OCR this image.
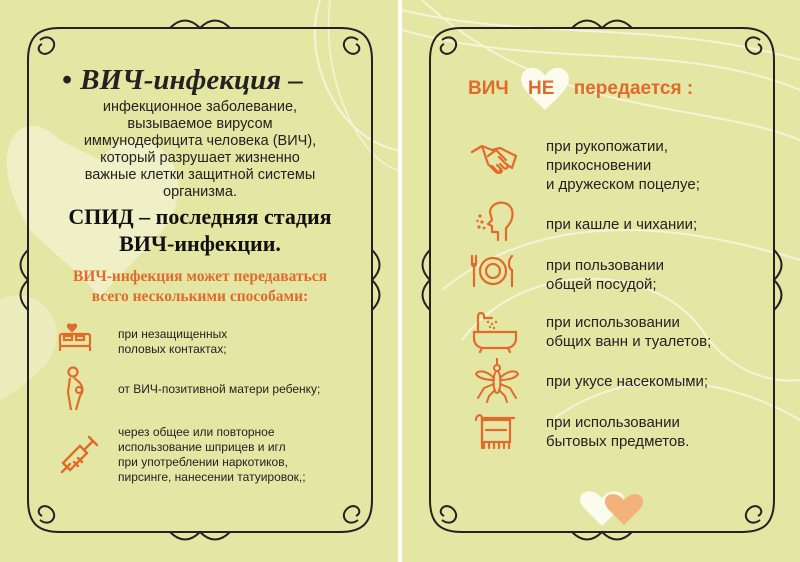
• ВИЧ-инфекция –
инфекционное заболевание,
вызываемое вирусом
иммунодефицита человека (ВИЧ),
который разрушает жизненно
важные клетки защитной системы
организма.
СПИД – последняя стадия
ВИЧ-инфекции.
ВИЧ-инфекция может передаваться
всего несколькими способами:
при незащищенных
половых контактах;
от ВИЧ-позитивной матери ребенку;
через общее или повторное
использование шприцев и игл
при употреблении наркотиков,
пирсинге, нанесении татуировок,;
ВИЧ НЕ передается :
при рукопожатии,
прикосновении
и дружеском поцелуе;
при кашле и чихании;
при пользовании
общей посудой;
при использовании
общих ванн и туалетов;
при укусе насекомыми;
при использовании
бытовых предметов.
